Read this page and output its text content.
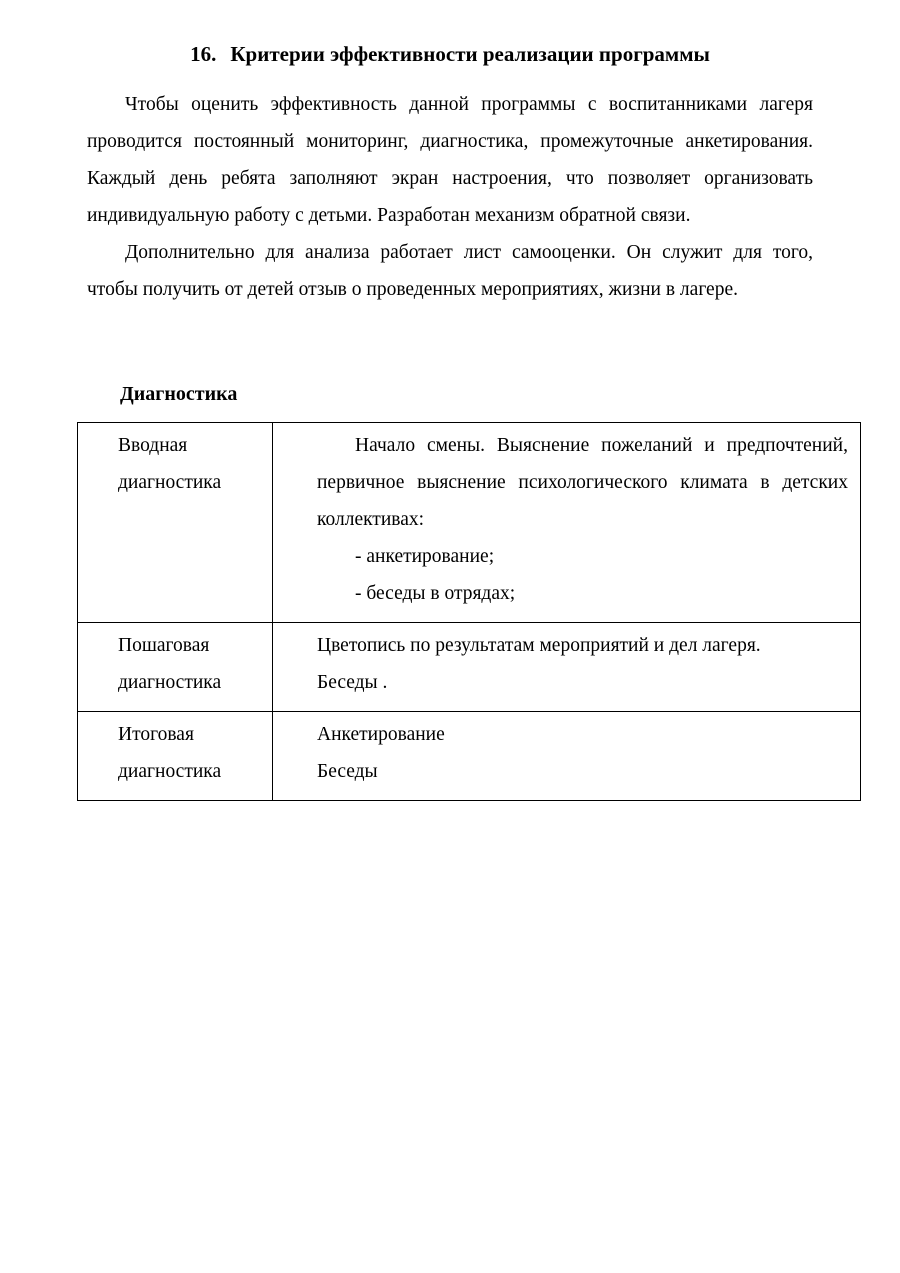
16. Критерии эффективности реализации программы

Чтобы оценить эффективность данной программы с воспитанниками лагеря проводится постоянный мониторинг, диагностика, промежуточные анкетирования. Каждый день ребята заполняют экран настроения, что позволяет организовать индивидуальную работу с детьми. Разработан механизм обратной связи.

Дополнительно для анализа работает лист самооценки. Он служит для того, чтобы получить от детей отзыв о проведенных мероприятиях, жизни в лагере.

Диагностика
Вводная диагностика	Начало смены. Выяснение пожеланий и предпочтений, первичное выяснение психологического климата в детских коллективах:

- анкетирование;

- беседы в отрядах;

Пошаговая диагностика	Цветопись по результатам мероприятий и дел лагеря.

Беседы .

Итоговая диагностика	Анкетирование

Беседы
